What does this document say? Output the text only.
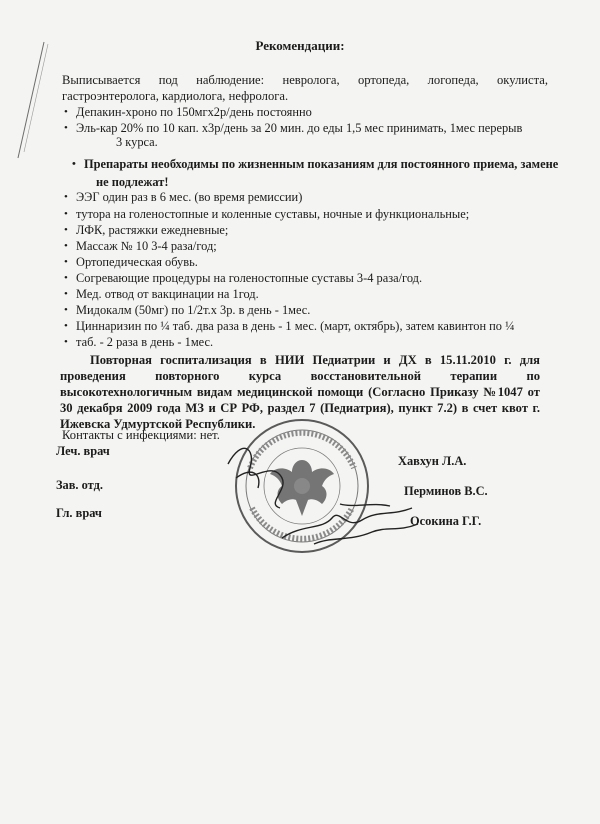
Рекомендации:
Выписывается под наблюдение: невролога, ортопеда, логопеда, окулиста, гастроэнтеролога, кардиолога, нефролога.
• Депакин-хроно по 150мгх2р/день постоянно
• Эль-кар 20% по 10 кап. х3р/день за 20 мин. до еды 1,5 мес принимать, 1мес перерыв
3 курса.
• Препараты необходимы по жизненным показаниям для постоянного приема, замене
не подлежат!
• ЭЭГ один раз в 6 мес. (во время ремиссии)
• тутора на голеностопные и коленные суставы, ночные и функциональные;
• ЛФК, растяжки ежедневные;
• Массаж № 10 3-4 раза/год;
• Ортопедическая обувь.
• Согревающие процедуры на голеностопные суставы 3-4 раза/год.
• Мед. отвод от вакцинации на 1год.
• Мидокалм (50мг) по 1/2т.х 3р. в день - 1мес.
• Циннаризин по ¼ таб. два раза в день - 1 мес. (март, октябрь), затем кавинтон по ¼
• таб. - 2 раза в день - 1мес.
Повторная госпитализация в НИИ Педиатрии и ДХ в 15.11.2010 г. для проведения повторного курса восстановительной терапии по высокотехнологичным видам медицинской помощи (Согласно Приказу №1047 от 30 декабря 2009 года МЗ и СР РФ, раздел 7 (Педиатрия), пункт 7.2) в счет квот г. Ижевска Удмуртской Республики.
Контакты с инфекциями: нет.
Леч. врач
Зав. отд.
Гл. врач
Хавхун Л.А.
Перминов В.С.
Осокина Г.Г.
